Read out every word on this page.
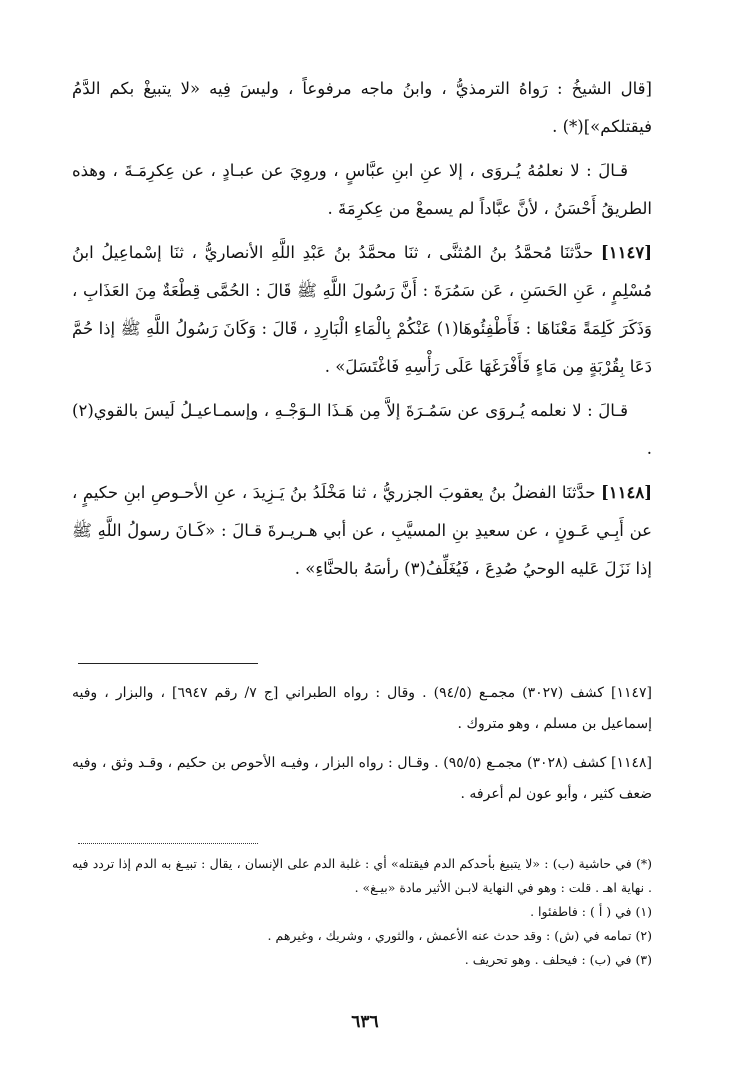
[قال الشيخُ : رَواهُ الترمذيُّ ، وابنُ ماجه مرفوعاً ، وليسَ فِيه «لا يتبيغْ بكم الدَّمُ فيقتلكم»](*) .

قـالَ : لا نعلمُهُ يُـروَى ، إلا عنِ ابنِ عبَّاسٍ ، وروِيَ عن عبـادٍ ، عن عِكرِمَـةَ ، وهذه الطريقُ أَحْسَنُ ، لأنَّ عبَّاداً لم يسمعْ من عِكرِمَةَ .

[١١٤٧] حدَّثنَا مُحمَّدُ بنُ المُثنَّى ، ثنَا محمَّدُ بنُ عَبْدِ اللَّهِ الأنصاريُّ ، ثنَا إسْماعِيلُ ابنُ مُسْلِمٍ ، عَنِ الحَسَنِ ، عَن سَمُرَةَ : أَنَّ رَسُولَ اللَّهِ ﷺ قَالَ : الحُمَّى قِطْعَةٌ مِنَ العَذَابِ ، وَذَكَرَ كَلِمَةً مَعْنَاهَا : فَأَطْفِئُوهَا(١) عَنْكُمْ بِالْمَاءِ الْبَارِدِ ، قَالَ : وَكَانَ رَسُولُ اللَّهِ ﷺ إذا حُمَّ دَعَا بِقُرْبَةٍ مِن مَاءٍ فَأَفْرَغَهَا عَلَى رَأْسِهِ فَاغْتَسَلَ» .

قـالَ : لا نعلمه يُـروَى عن سَمُـرَةَ إلاَّ مِن هَـذَا الـوَجْـهِ ، وإسمـاعيـلُ لَيسَ بالقوي(٢) .

[١١٤٨] حدَّثنَا الفضلُ بنُ يعقوبَ الجزريُّ ، ثنا مَخْلَدُ بنُ يَـزِيدَ ، عنِ الأحـوصِ ابنِ حكيمٍ ، عن أَبِـي عَـونٍ ، عن سعيدِ بنِ المسيَّبِ ، عن أبي هـريـرةَ قـالَ : «كَـانَ رسولُ اللَّهِ ﷺ إذا نَزَلَ عَليه الوحيُ صُدِعَ ، فَيُغَلِّفُ(٣) رأسَهُ بالحنَّاءِ» .

[١١٤٧] كشف (٣٠٢٧) مجمـع (٩٤/٥) . وقال : رواه الطبراني [ج ٧/ رقم ٦٩٤٧] ، والبزار ، وفيه إسماعيل بن مسلم ، وهو متروك .

[١١٤٨] كشف (٣٠٢٨) مجمـع (٩٥/٥) . وقـال : رواه البزار ، وفيـه الأحوص بن حكيم ، وقـد وثق ، وفيه ضعف كثير ، وأبو عون لم أعرفه .

(*) في حاشية (ب) : «لا يتبيغ بأحدكم الدم فيقتله» أي : غلبة الدم على الإنسان ، يقال : تبيـغ به الدم إذا تردد فيه . نهاية اهـ . قلت : وهو في النهاية لابـن الأثير مادة «بيـغ» .

(١) في ( أ ) : فاطفئوا .

(٢) تمامه في (ش) : وقد حدث عنه الأعمش ، والثوري ، وشريك ، وغيرهم .

(٣) في (ب) : فيحلف . وهو تحريف .

٦٣٦
